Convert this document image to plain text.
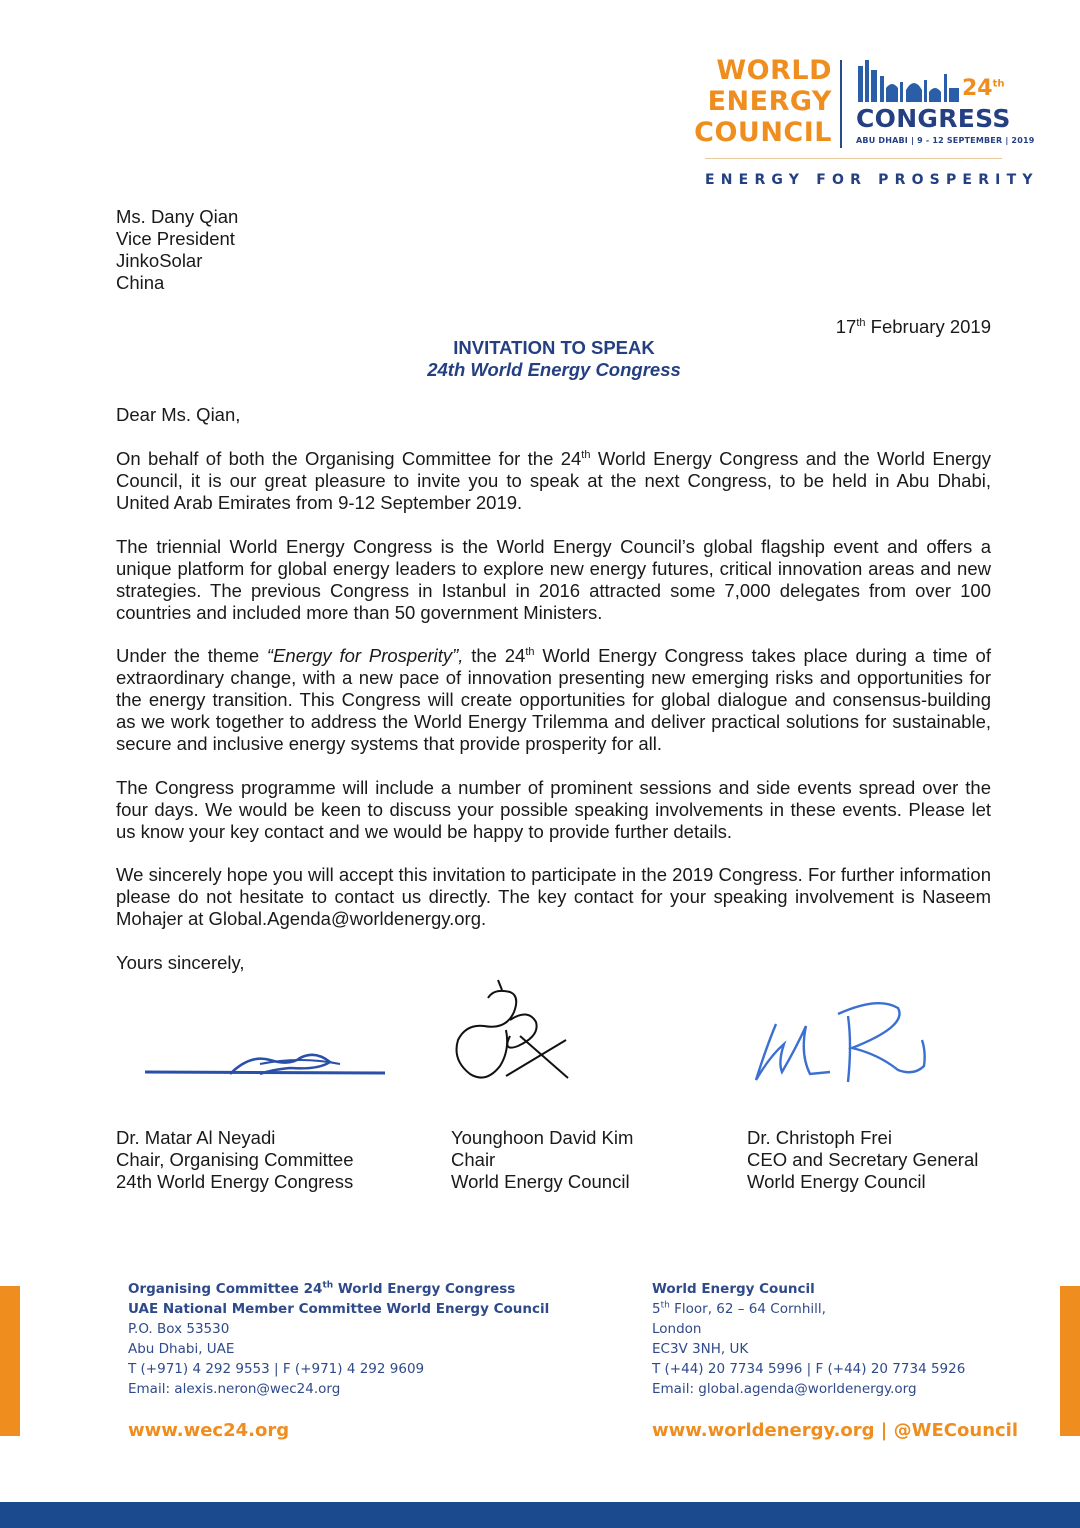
WORLD
ENERGY
COUNCIL
24th
CONGRESS
ABU DHABI | 9 - 12 SEPTEMBER | 2019
ENERGY FOR PROSPERITY
Ms. Dany Qian
Vice President
JinkoSolar
China
17th February 2019
INVITATION TO SPEAK
24th World Energy Congress
Dear Ms. Qian,
On behalf of both the Organising Committee for the 24th World Energy Congress and the World Energy Council, it is our great pleasure to invite you to speak at the next Congress, to be held in Abu Dhabi, United Arab Emirates from 9-12 September 2019.
The triennial World Energy Congress is the World Energy Council’s global flagship event and offers a unique platform for global energy leaders to explore new energy futures, critical innovation areas and new strategies. The previous Congress in Istanbul in 2016 attracted some 7,000 delegates from over 100 countries and included more than 50 government Ministers.
Under the theme “Energy for Prosperity”, the 24th World Energy Congress takes place during a time of extraordinary change, with a new pace of innovation presenting new emerging risks and opportunities for the energy transition. This Congress will create opportunities for global dialogue and consensus-building as we work together to address the World Energy Trilemma and deliver practical solutions for sustainable, secure and inclusive energy systems that provide prosperity for all.
The Congress programme will include a number of prominent sessions and side events spread over the four days. We would be keen to discuss your possible speaking involvements in these events. Please let us know your key contact and we would be happy to provide further details.
We sincerely hope you will accept this invitation to participate in the 2019 Congress. For further information please do not hesitate to contact us directly. The key contact for your speaking involvement is Naseem Mohajer at Global.Agenda@worldenergy.org.
Yours sincerely,
Dr. Matar Al Neyadi
Chair, Organising Committee
24th World Energy Congress
Younghoon David Kim
Chair
World Energy Council
Dr. Christoph Frei
CEO and Secretary General
World Energy Council
Organising Committee 24th World Energy Congress
UAE National Member Committee World Energy Council
P.O. Box 53530
Abu Dhabi, UAE
T (+971) 4 292 9553 | F (+971) 4 292 9609
Email: alexis.neron@wec24.org
www.wec24.org
World Energy Council
5th Floor, 62 – 64 Cornhill,
London
EC3V 3NH, UK
T (+44) 20 7734 5996 | F (+44) 20 7734 5926
Email: global.agenda@worldenergy.org
www.worldenergy.org | @WECouncil
